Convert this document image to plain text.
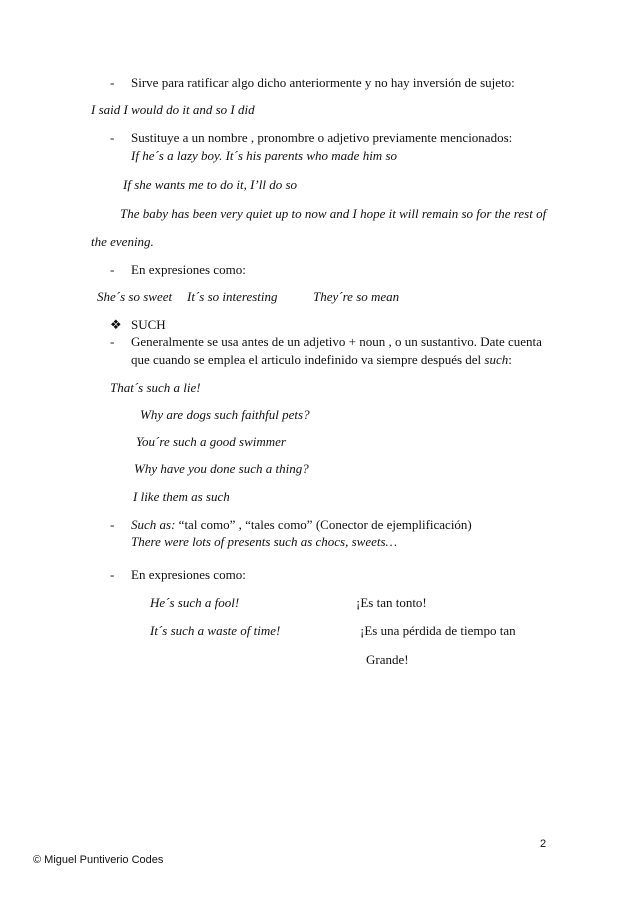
- Sirve para ratificar algo dicho anteriormente y no hay inversión de sujeto:
I said I would do it and so I did
- Sustituye a un nombre , pronombre o adjetivo previamente mencionados:
If he´s a lazy boy. It´s his parents who made him so
If she wants me to do it, I’ll do so
The baby has been very quiet up to now and I hope it will remain so for the rest of
the evening.
- En expresiones como:
She´s so sweet It´s so interesting	They´re so mean
❖ SUCH
- Generalmente se usa antes de un adjetivo + noun , o un sustantivo. Date cuenta
que cuando se emplea el articulo indefinido va siempre después del such:
That´s such a lie!
Why are dogs such faithful pets?
You´re such a good swimmer
Why have you done such a thing?
I like them as such
- Such as: “tal como” , “tales como” (Conector de ejemplificación)
There were lots of presents such as chocs, sweets…
- En expresiones como:
He´s such a fool!	¡Es tan tonto!
It´s such a waste of time!	¡Es una pérdida de tiempo tan
Grande!
2
© Miguel Puntiverio Codes
